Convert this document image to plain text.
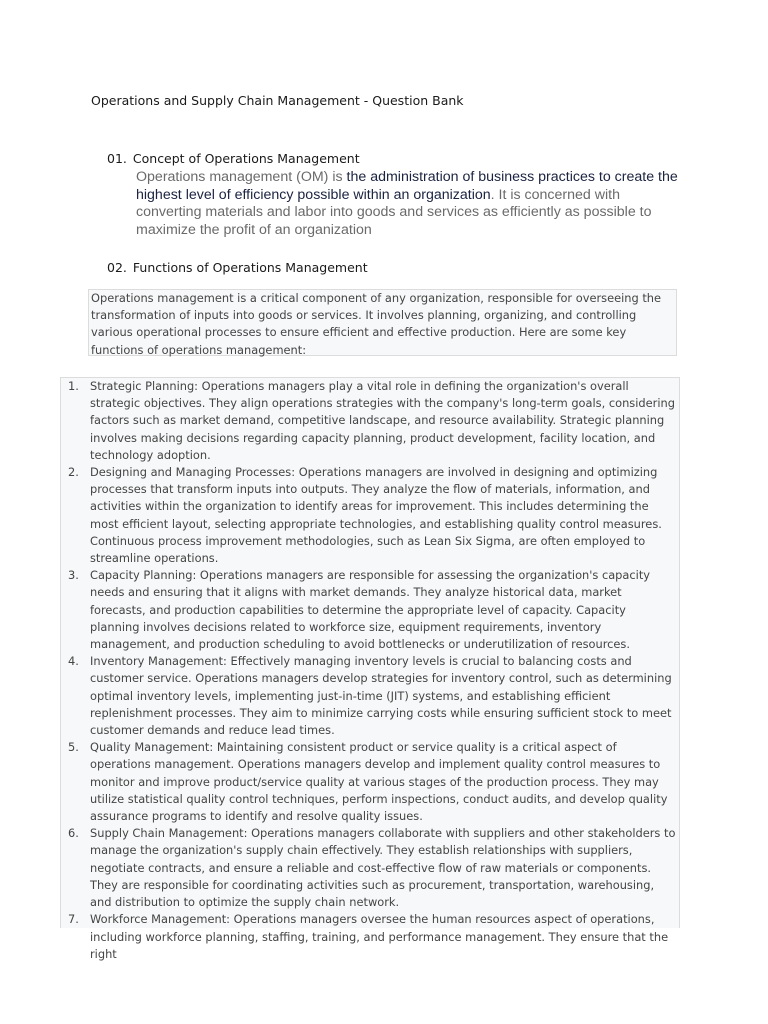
Operations and Supply Chain Management - Question Bank
01. Concept of Operations Management
Operations management (OM) is the administration of business practices to create the highest level of efficiency possible within an organization. It is concerned with converting materials and labor into goods and services as efficiently as possible to maximize the profit of an organization
02. Functions of Operations Management

Operations management is a critical component of any organization, responsible for overseeing the transformation of inputs into goods or services. It involves planning, organizing, and controlling various operational processes to ensure efficient and effective production. Here are some key functions of operations management:

1. Strategic Planning: Operations managers play a vital role in defining the organization's overall strategic objectives. They align operations strategies with the company's long-term goals, considering factors such as market demand, competitive landscape, and resource availability. Strategic planning involves making decisions regarding capacity planning, product development, facility location, and technology adoption.
2. Designing and Managing Processes: Operations managers are involved in designing and optimizing processes that transform inputs into outputs. They analyze the flow of materials, information, and activities within the organization to identify areas for improvement. This includes determining the most efficient layout, selecting appropriate technologies, and establishing quality control measures. Continuous process improvement methodologies, such as Lean Six Sigma, are often employed to streamline operations.
3. Capacity Planning: Operations managers are responsible for assessing the organization's capacity needs and ensuring that it aligns with market demands. They analyze historical data, market forecasts, and production capabilities to determine the appropriate level of capacity. Capacity planning involves decisions related to workforce size, equipment requirements, inventory management, and production scheduling to avoid bottlenecks or underutilization of resources.
4. Inventory Management: Effectively managing inventory levels is crucial to balancing costs and customer service. Operations managers develop strategies for inventory control, such as determining optimal inventory levels, implementing just-in-time (JIT) systems, and establishing efficient replenishment processes. They aim to minimize carrying costs while ensuring sufficient stock to meet customer demands and reduce lead times.
5. Quality Management: Maintaining consistent product or service quality is a critical aspect of operations management. Operations managers develop and implement quality control measures to monitor and improve product/service quality at various stages of the production process. They may utilize statistical quality control techniques, perform inspections, conduct audits, and develop quality assurance programs to identify and resolve quality issues.
6. Supply Chain Management: Operations managers collaborate with suppliers and other stakeholders to manage the organization's supply chain effectively. They establish relationships with suppliers, negotiate contracts, and ensure a reliable and cost-effective flow of raw materials or components. They are responsible for coordinating activities such as procurement, transportation, warehousing, and distribution to optimize the supply chain network.
7. Workforce Management: Operations managers oversee the human resources aspect of operations, including workforce planning, staffing, training, and performance management. They ensure that the right
